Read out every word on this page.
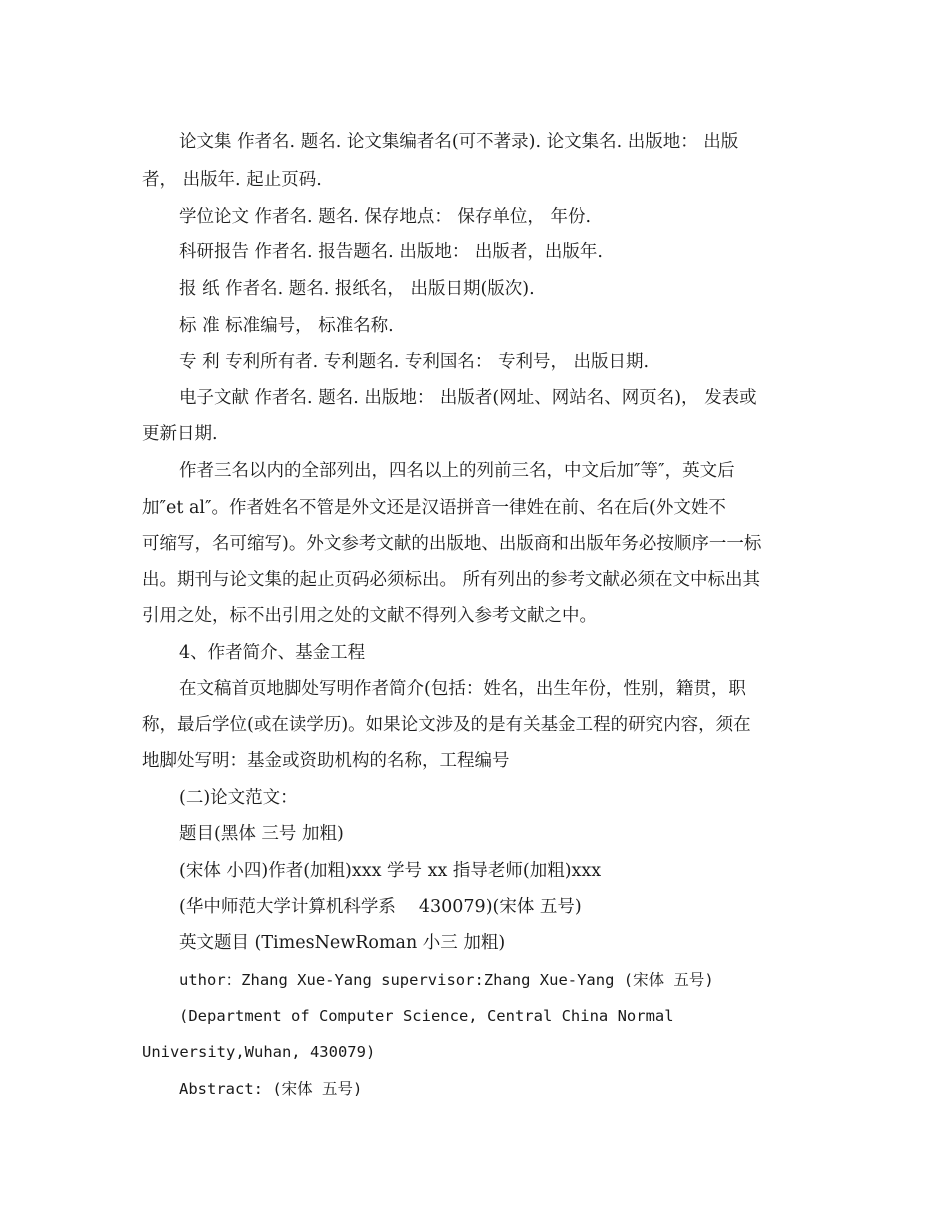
论文集 作者名. 题名. 论文集编者名(可不著录). 论文集名. 出版地： 出版
者， 出版年. 起止页码.
学位论文 作者名. 题名. 保存地点： 保存单位， 年份.
科研报告 作者名. 报告题名. 出版地： 出版者，出版年.
报 纸 作者名. 题名. 报纸名， 出版日期(版次).
标 准 标准编号， 标准名称.
专 利 专利所有者. 专利题名. 专利国名： 专利号， 出版日期.
电子文献 作者名. 题名. 出版地： 出版者(网址、网站名、网页名)， 发表或
更新日期.
作者三名以内的全部列出，四名以上的列前三名，中文后加″等″，英文后
加″et al″。作者姓名不管是外文还是汉语拼音一律姓在前、名在后(外文姓不
可缩写，名可缩写)。外文参考文献的出版地、出版商和出版年务必按顺序一一标
出。期刊与论文集的起止页码必须标出。 所有列出的参考文献必须在文中标出其
引用之处，标不出引用之处的文献不得列入参考文献之中。
4、作者简介、基金工程
在文稿首页地脚处写明作者简介(包括：姓名，出生年份，性别，籍贯，职
称，最后学位(或在读学历)。如果论文涉及的是有关基金工程的研究内容，须在
地脚处写明：基金或资助机构的名称，工程编号
(二)论文范文：
题目(黑体 三号 加粗)
(宋体 小四)作者(加粗)xxx 学号 xx 指导老师(加粗)xxx
(华中师范大学计算机科学系　 430079)(宋体 五号)
英文题目 (TimesNewRoman 小三 加粗)
uthor：Zhang Xue-Yang supervisor:Zhang Xue-Yang (宋体 五号)
(Department of Computer Science, Central China Normal
University,Wuhan, 430079)
Abstract: (宋体 五号)
